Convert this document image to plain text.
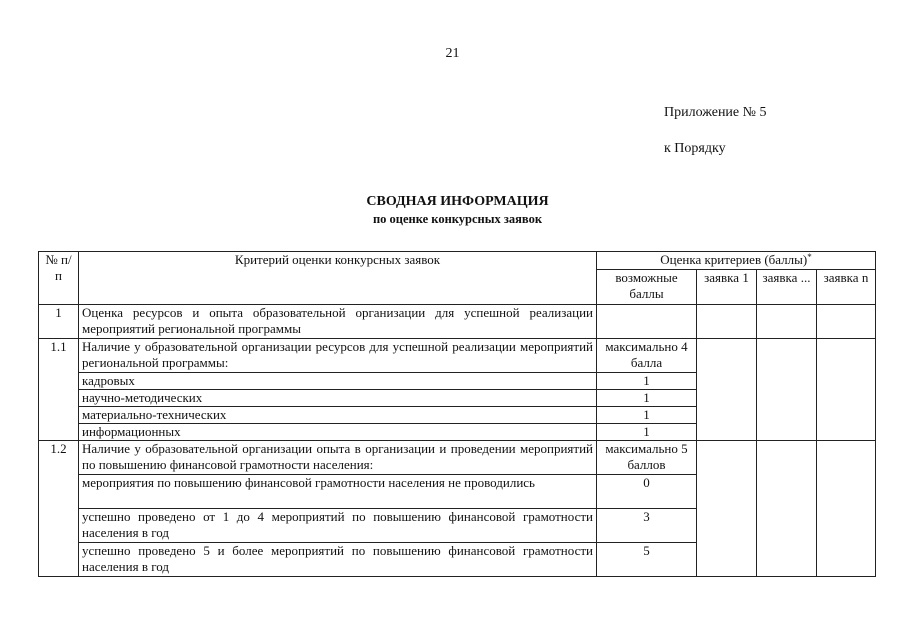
21
Приложение № 5
к Порядку
СВОДНАЯ ИНФОРМАЦИЯ
по оценке конкурсных заявок
№ п/п	Критерий оценки конкурсных заявок	Оценка критериев (баллы)*
		возможные баллы	заявка 1	заявка ...	заявка n
1	Оценка ресурсов и опыта образовательной организации для успешной реализации мероприятий региональной программы				
1.1	Наличие у образовательной организации ресурсов для успешной реализации мероприятий региональной программы:	максимально 4 балла			
	кадровых	1			
	научно-методических	1			
	материально-технических	1			
	информационных	1			
1.2	Наличие у образовательной организации опыта в организации и проведении мероприятий по повышению финансовой грамотности населения:	максимально 5 баллов			
	мероприятия по повышению финансовой грамотности населения не проводились	0			
	успешно проведено от 1 до 4 мероприятий по повышению финансовой грамотности населения в год	3			
	успешно проведено 5 и более мероприятий по повышению финансовой грамотности населения в год	5			
